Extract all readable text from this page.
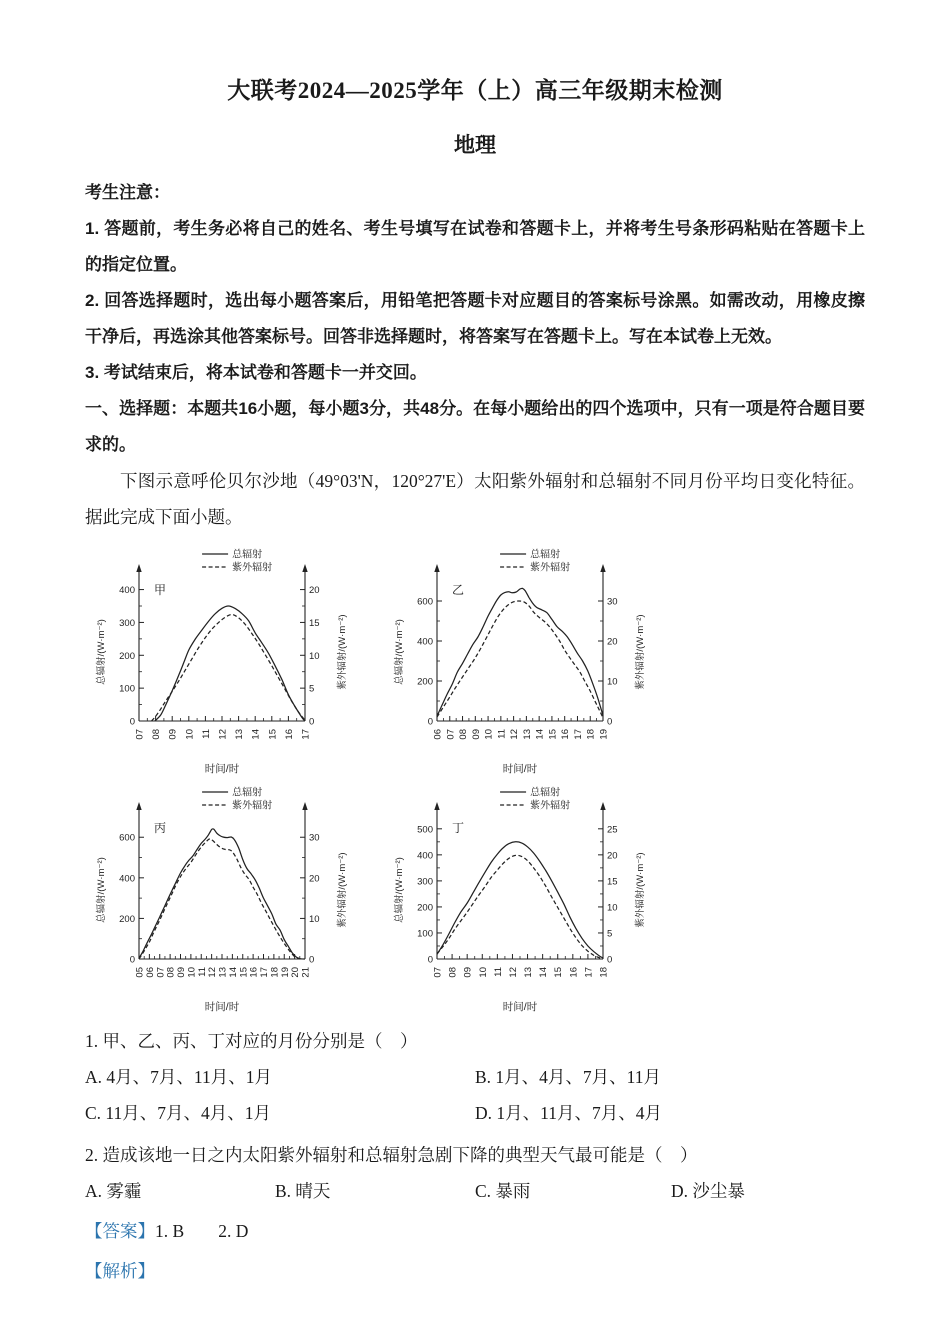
大联考2024—2025学年（上）高三年级期末检测
地理

考生注意：

1. 答题前，考生务必将自己的姓名、考生号填写在试卷和答题卡上，并将考生号条形码粘贴在答题卡上的指定位置。

2. 回答选择题时，选出每小题答案后，用铅笔把答题卡对应题目的答案标号涂黑。如需改动，用橡皮擦干净后，再选涂其他答案标号。回答非选择题时，将答案写在答题卡上。写在本试卷上无效。

3. 考试结束后，将本试卷和答题卡一并交回。

一、选择题：本题共16小题，每小题3分，共48分。在每小题给出的四个选项中，只有一项是符合题目要求的。

下图示意呼伦贝尔沙地（49°03'N，120°27'E）太阳紫外辐射和总辐射不同月份平均日变化特征。据此完成下面小题。

0
100
200
300
400
0
5
10
15
20
07 08 09 10 11 12 13 14 15 16 17
总辐射/(W·m⁻²)	紫外辐射/(W·m⁻²)
时间/时
甲
总辐射
紫外辐射
0
200
400
600
0
10
20
30
06 07 08 09 10 11 12 13 14 15 16 17 18 19
总辐射/(W·m⁻²)	紫外辐射/(W·m⁻²)
时间/时
乙
总辐射
紫外辐射
0
200
400
600
0
10
20
30
05 06 07 08 09 10 11 12 13 14 15 16 17 18 19 20 21
总辐射/(W·m⁻²)	紫外辐射/(W·m⁻²)
时间/时
丙
总辐射
紫外辐射
0
100
200
300
400
500
0
5
10
15
20
25
07 08 09 10 11 12 13 14 15 16 17 18
总辐射/(W·m⁻²)	紫外辐射/(W·m⁻²)
时间/时
丁
总辐射
紫外辐射

1. 甲、乙、丙、丁对应的月份分别是（　）

A. 4月、7月、11月、1月	B. 1月、4月、7月、11月

C. 11月、7月、4月、1月	D. 1月、11月、7月、4月

2. 造成该地一日之内太阳紫外辐射和总辐射急剧下降的典型天气最可能是（　）

A. 雾霾	B. 晴天	C. 暴雨	D. 沙尘暴

【答案】1. B 2. D

【解析】
